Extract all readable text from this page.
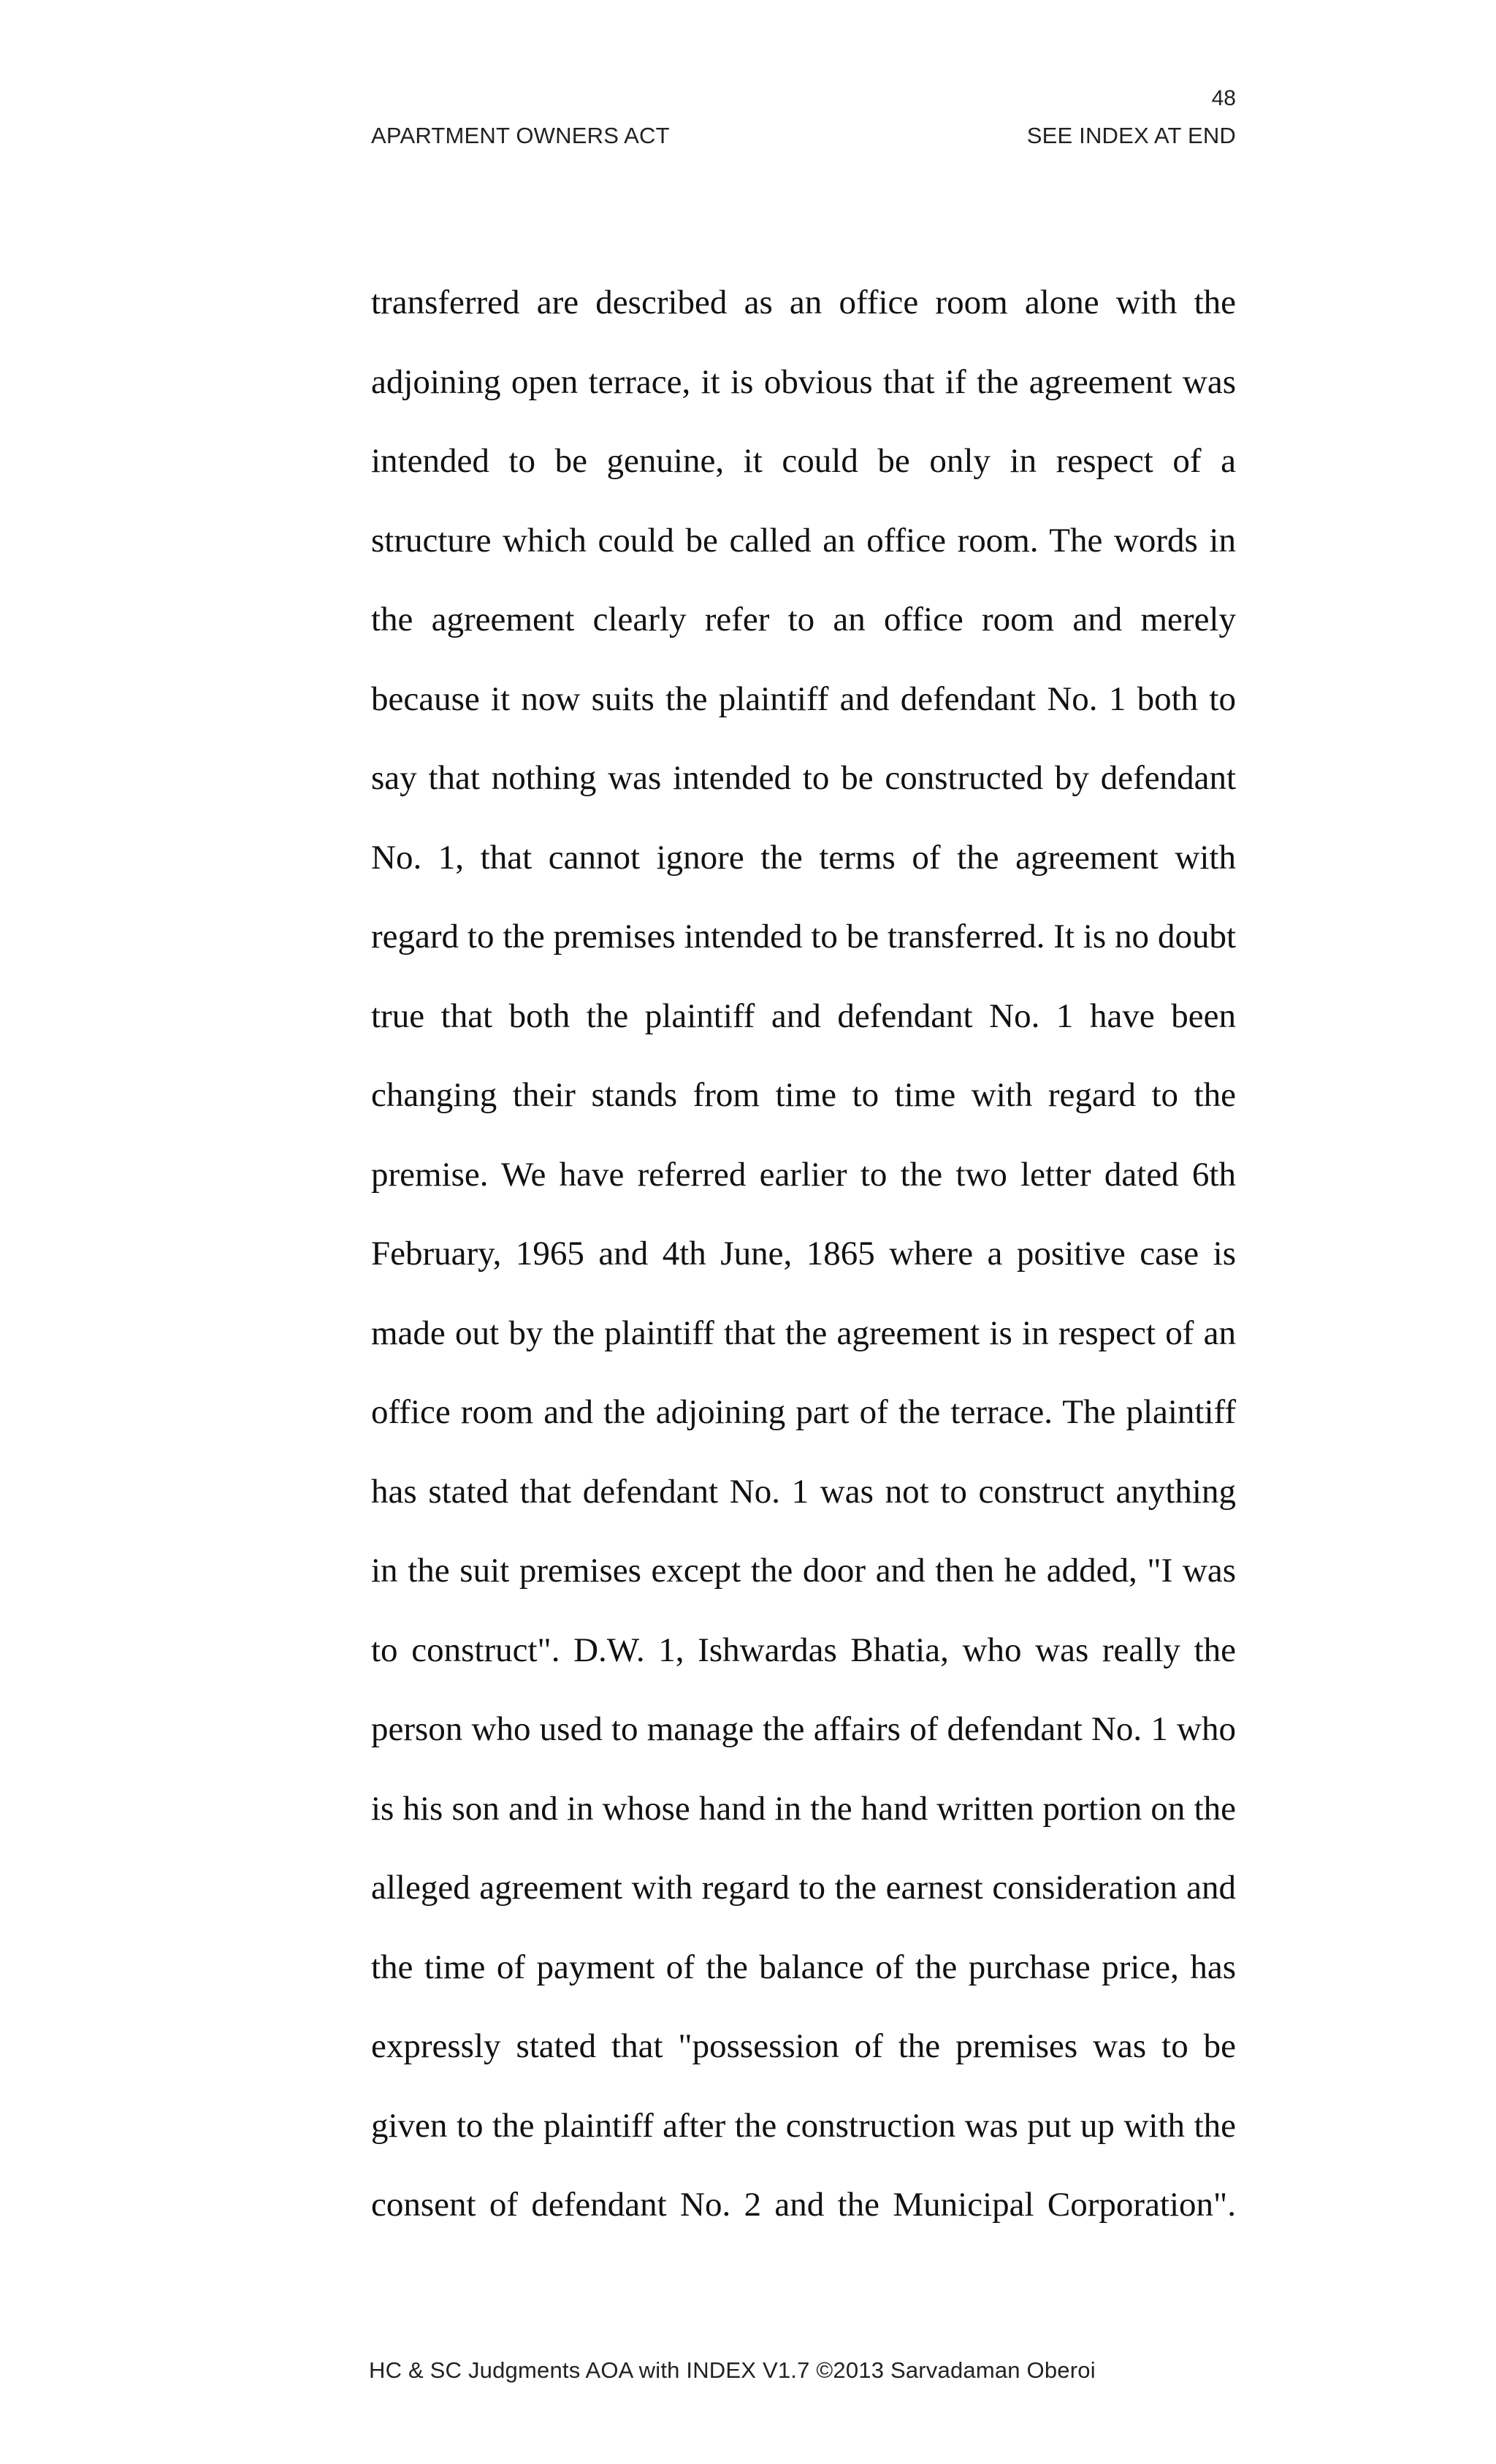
48
APARTMENT OWNERS ACT	SEE INDEX AT END
transferred are described as an office room alone with the
adjoining open terrace, it is obvious that if the agreement was
intended to be genuine, it could be only in respect of a
structure which could be called an office room. The words in
the agreement clearly refer to an office room and merely
because it now suits the plaintiff and defendant No. 1 both to
say that nothing was intended to be constructed by defendant
No. 1, that cannot ignore the terms of the agreement with
regard to the premises intended to be transferred. It is no doubt
true that both the plaintiff and defendant No. 1 have been
changing their stands from time to time with regard to the
premise. We have referred earlier to the two letter dated 6th
February, 1965 and 4th June, 1865 where a positive case is
made out by the plaintiff that the agreement is in respect of an
office room and the adjoining part of the terrace. The plaintiff
has stated that defendant No. 1 was not to construct anything
in the suit premises except the door and then he added, "I was
to construct". D.W. 1, Ishwardas Bhatia, who was really the
person who used to manage the affairs of defendant No. 1 who
is his son and in whose hand in the hand written portion on the
alleged agreement with regard to the earnest consideration and
the time of payment of the balance of the purchase price, has
expressly stated that "possession of the premises was to be
given to the plaintiff after the construction was put up with the
consent of defendant No. 2 and the Municipal Corporation".
HC & SC Judgments AOA with INDEX V1.7 ©2013 Sarvadaman Oberoi
